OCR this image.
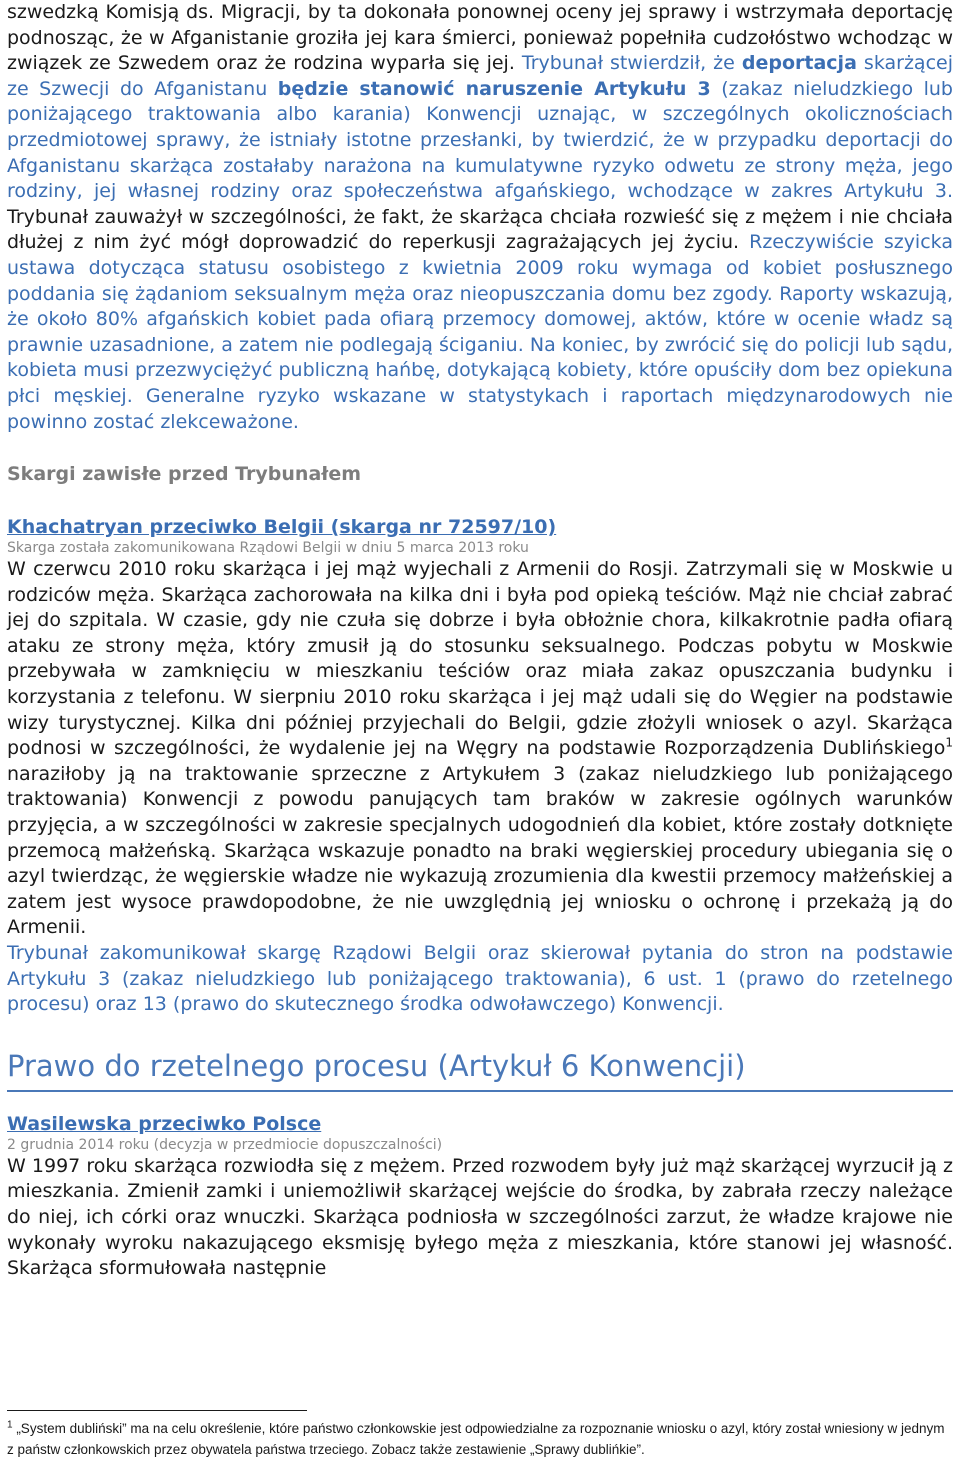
szwedzką Komisją ds. Migracji, by ta dokonała ponownej oceny jej sprawy i wstrzymała deportację podnosząc, że w Afganistanie groziła jej kara śmierci, ponieważ popełniła cudzołóstwo wchodząc w związek ze Szwedem oraz że rodzina wyparła się jej. Trybunał stwierdził, że deportacja skarżącej ze Szwecji do Afganistanu będzie stanowić naruszenie Artykułu 3 (zakaz nieludzkiego lub poniżającego traktowania albo karania) Konwencji uznając, w szczególnych okolicznościach przedmiotowej sprawy, że istniały istotne przesłanki, by twierdzić, że w przypadku deportacji do Afganistanu skarżąca zostałaby narażona na kumulatywne ryzyko odwetu ze strony męża, jego rodziny, jej własnej rodziny oraz społeczeństwa afgańskiego, wchodzące w zakres Artykułu 3. Trybunał zauważył w szczególności, że fakt, że skarżąca chciała rozwieść się z mężem i nie chciała dłużej z nim żyć mógł doprowadzić do reperkusji zagrażających jej życiu. Rzeczywiście szyicka ustawa dotycząca statusu osobistego z kwietnia 2009 roku wymaga od kobiet posłusznego poddania się żądaniom seksualnym męża oraz nieopuszczania domu bez zgody. Raporty wskazują, że około 80% afgańskich kobiet pada ofiarą przemocy domowej, aktów, które w ocenie władz są prawnie uzasadnione, a zatem nie podlegają ściganiu. Na koniec, by zwrócić się do policji lub sądu, kobieta musi przezwyciężyć publiczną hańbę, dotykającą kobiety, które opuściły dom bez opiekuna płci męskiej. Generalne ryzyko wskazane w statystykach i raportach międzynarodowych nie powinno zostać zlekceważone.

Skargi zawisłe przed Trybunałem
Khachatryan przeciwko Belgii (skarga nr 72597/10)
Skarga została zakomunikowana Rządowi Belgii w dniu 5 marca 2013 roku

W czerwcu 2010 roku skarżąca i jej mąż wyjechali z Armenii do Rosji. Zatrzymali się w Moskwie u rodziców męża. Skarżąca zachorowała na kilka dni i była pod opieką teściów. Mąż nie chciał zabrać jej do szpitala. W czasie, gdy nie czuła się dobrze i była obłożnie chora, kilkakrotnie padła ofiarą ataku ze strony męża, który zmusił ją do stosunku seksualnego. Podczas pobytu w Moskwie przebywała w zamknięciu w mieszkaniu teściów oraz miała zakaz opuszczania budynku i korzystania z telefonu. W sierpniu 2010 roku skarżąca i jej mąż udali się do Węgier na podstawie wizy turystycznej. Kilka dni później przyjechali do Belgii, gdzie złożyli wniosek o azyl. Skarżąca podnosi w szczególności, że wydalenie jej na Węgry na podstawie Rozporządzenia Dublińskiego$^1$ naraziłoby ją na traktowanie sprzeczne z Artykułem 3 (zakaz nieludzkiego lub poniżającego traktowania) Konwencji z powodu panujących tam braków w zakresie ogólnych warunków przyjęcia, a w szczególności w zakresie specjalnych udogodnień dla kobiet, które zostały dotknięte przemocą małżeńską. Skarżąca wskazuje ponadto na braki węgierskiej procedury ubiegania się o azyl twierdząc, że węgierskie władze nie wykazują zrozumienia dla kwestii przemocy małżeńskiej a zatem jest wysoce prawdopodobne, że nie uwzględnią jej wniosku o ochronę i przekażą ją do Armenii.

Trybunał zakomunikował skargę Rządowi Belgii oraz skierował pytania do stron na podstawie Artykułu 3 (zakaz nieludzkiego lub poniżającego traktowania), 6 ust. 1 (prawo do rzetelnego procesu) oraz 13 (prawo do skutecznego środka odwoławczego) Konwencji.

Prawo do rzetelnego procesu (Artykuł 6 Konwencji)
Wasilewska przeciwko Polsce
2 grudnia 2014 roku (decyzja w przedmiocie dopuszczalności)

W 1997 roku skarżąca rozwiodła się z mężem. Przed rozwodem były już mąż skarżącej wyrzucił ją z mieszkania. Zmienił zamki i uniemożliwił skarżącej wejście do środka, by zabrała rzeczy należące do niej, ich córki oraz wnuczki. Skarżąca podniosła w szczególności zarzut, że władze krajowe nie wykonały wyroku nakazującego eksmisję byłego męża z mieszkania, które stanowi jej własność. Skarżąca sformułowała następnie

$^1$ „System dubliński” ma na celu określenie, które państwo członkowskie jest odpowiedzialne za rozpoznanie wniosku o azyl, który został wniesiony w jednym z państw członkowskich przez obywatela państwa trzeciego. Zobacz także zestawienie „Sprawy dublińkie”.
